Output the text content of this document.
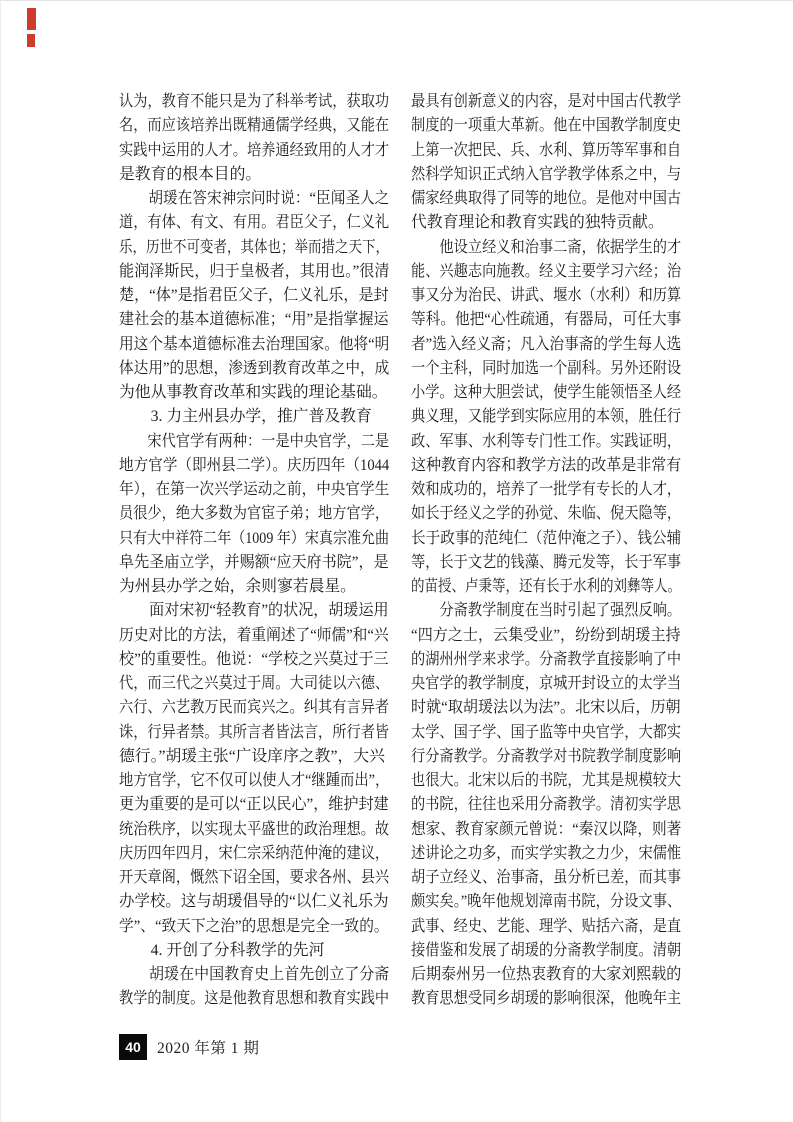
认为，教育不能只是为了科举考试，获取功
名，而应该培养出既精通儒学经典，又能在
实践中运用的人才。培养通经致用的人才才
是教育的根本目的。
　　胡瑗在答宋神宗问时说：“臣闻圣人之
道，有体、有文、有用。君臣父子，仁义礼
乐，历世不可变者，其体也；举而措之天下，
能润泽斯民，归于皇极者，其用也。”很清
楚，“体”是指君臣父子，仁义礼乐，是封
建社会的基本道德标准；“用”是指掌握运
用这个基本道德标准去治理国家。他将“明
体达用”的思想，渗透到教育改革之中，成
为他从事教育改革和实践的理论基础。
　　3. 力主州县办学，推广普及教育
　　宋代官学有两种：一是中央官学，二是
地方官学（即州县二学）。庆历四年（1044
年），在第一次兴学运动之前，中央官学生
员很少，绝大多数为官宦子弟；地方官学，
只有大中祥符二年（1009 年）宋真宗准允曲
阜先圣庙立学，并赐额“应天府书院”，是
为州县办学之始，余则寥若晨星。
　　面对宋初“轻教育”的状况，胡瑗运用
历史对比的方法，着重阐述了“师儒”和“兴
校”的重要性。他说：“学校之兴莫过于三
代，而三代之兴莫过于周。大司徒以六德、
六行、六艺教万民而宾兴之。纠其有言异者
诛，行异者禁。其所言者皆法言，所行者皆
德行。”胡瑗主张“广设庠序之教”，大兴
地方官学，它不仅可以使人才“继踵而出”，
更为重要的是可以“正以民心”，维护封建
统治秩序，以实现太平盛世的政治理想。故
庆历四年四月，宋仁宗采纳范仲淹的建议，
开天章阁，慨然下诏全国，要求各州、县兴
办学校。这与胡瑗倡导的“以仁义礼乐为
学”、“致天下之治”的思想是完全一致的。
　　4. 开创了分科教学的先河
　　胡瑗在中国教育史上首先创立了分斋
教学的制度。这是他教育思想和教育实践中
最具有创新意义的内容，是对中国古代教学
制度的一项重大革新。他在中国教学制度史
上第一次把民、兵、水利、算历等军事和自
然科学知识正式纳入官学教学体系之中，与
儒家经典取得了同等的地位。是他对中国古
代教育理论和教育实践的独特贡献。
　　他设立经义和治事二斋，依据学生的才
能、兴趣志向施教。经义主要学习六经；治
事又分为治民、讲武、堰水（水利）和历算
等科。他把“心性疏通，有器局，可任大事
者”选入经义斋；凡入治事斋的学生每人选
一个主科，同时加选一个副科。另外还附设
小学。这种大胆尝试，使学生能领悟圣人经
典义理，又能学到实际应用的本领，胜任行
政、军事、水利等专门性工作。实践证明，
这种教育内容和教学方法的改革是非常有
效和成功的，培养了一批学有专长的人才，
如长于经义之学的孙觉、朱临、倪天隐等，
长于政事的范纯仁（范仲淹之子）、钱公辅
等，长于文艺的钱藻、腾元发等，长于军事
的苗授、卢秉等，还有长于水利的刘彝等人。
　　分斋教学制度在当时引起了强烈反响。
“四方之士，云集受业”，纷纷到胡瑗主持
的湖州州学来求学。分斋教学直接影响了中
央官学的教学制度，京城开封设立的太学当
时就“取胡瑗法以为法”。北宋以后，历朝
太学、国子学、国子监等中央官学，大都实
行分斋教学。分斋教学对书院教学制度影响
也很大。北宋以后的书院，尤其是规模较大
的书院，往往也采用分斋教学。清初实学思
想家、教育家颜元曾说：“秦汉以降，则著
述讲论之功多，而实学实教之力少，宋儒惟
胡子立经义、治事斋，虽分析已差，而其事
颇实矣。”晚年他规划漳南书院，分设文事、
武事、经史、艺能、理学、贴括六斋，是直
接借鉴和发展了胡瑗的分斋教学制度。清朝
后期泰州另一位热衷教育的大家刘熙载的
教育思想受同乡胡瑗的影响很深，他晚年主
40	2020 年第 1 期
